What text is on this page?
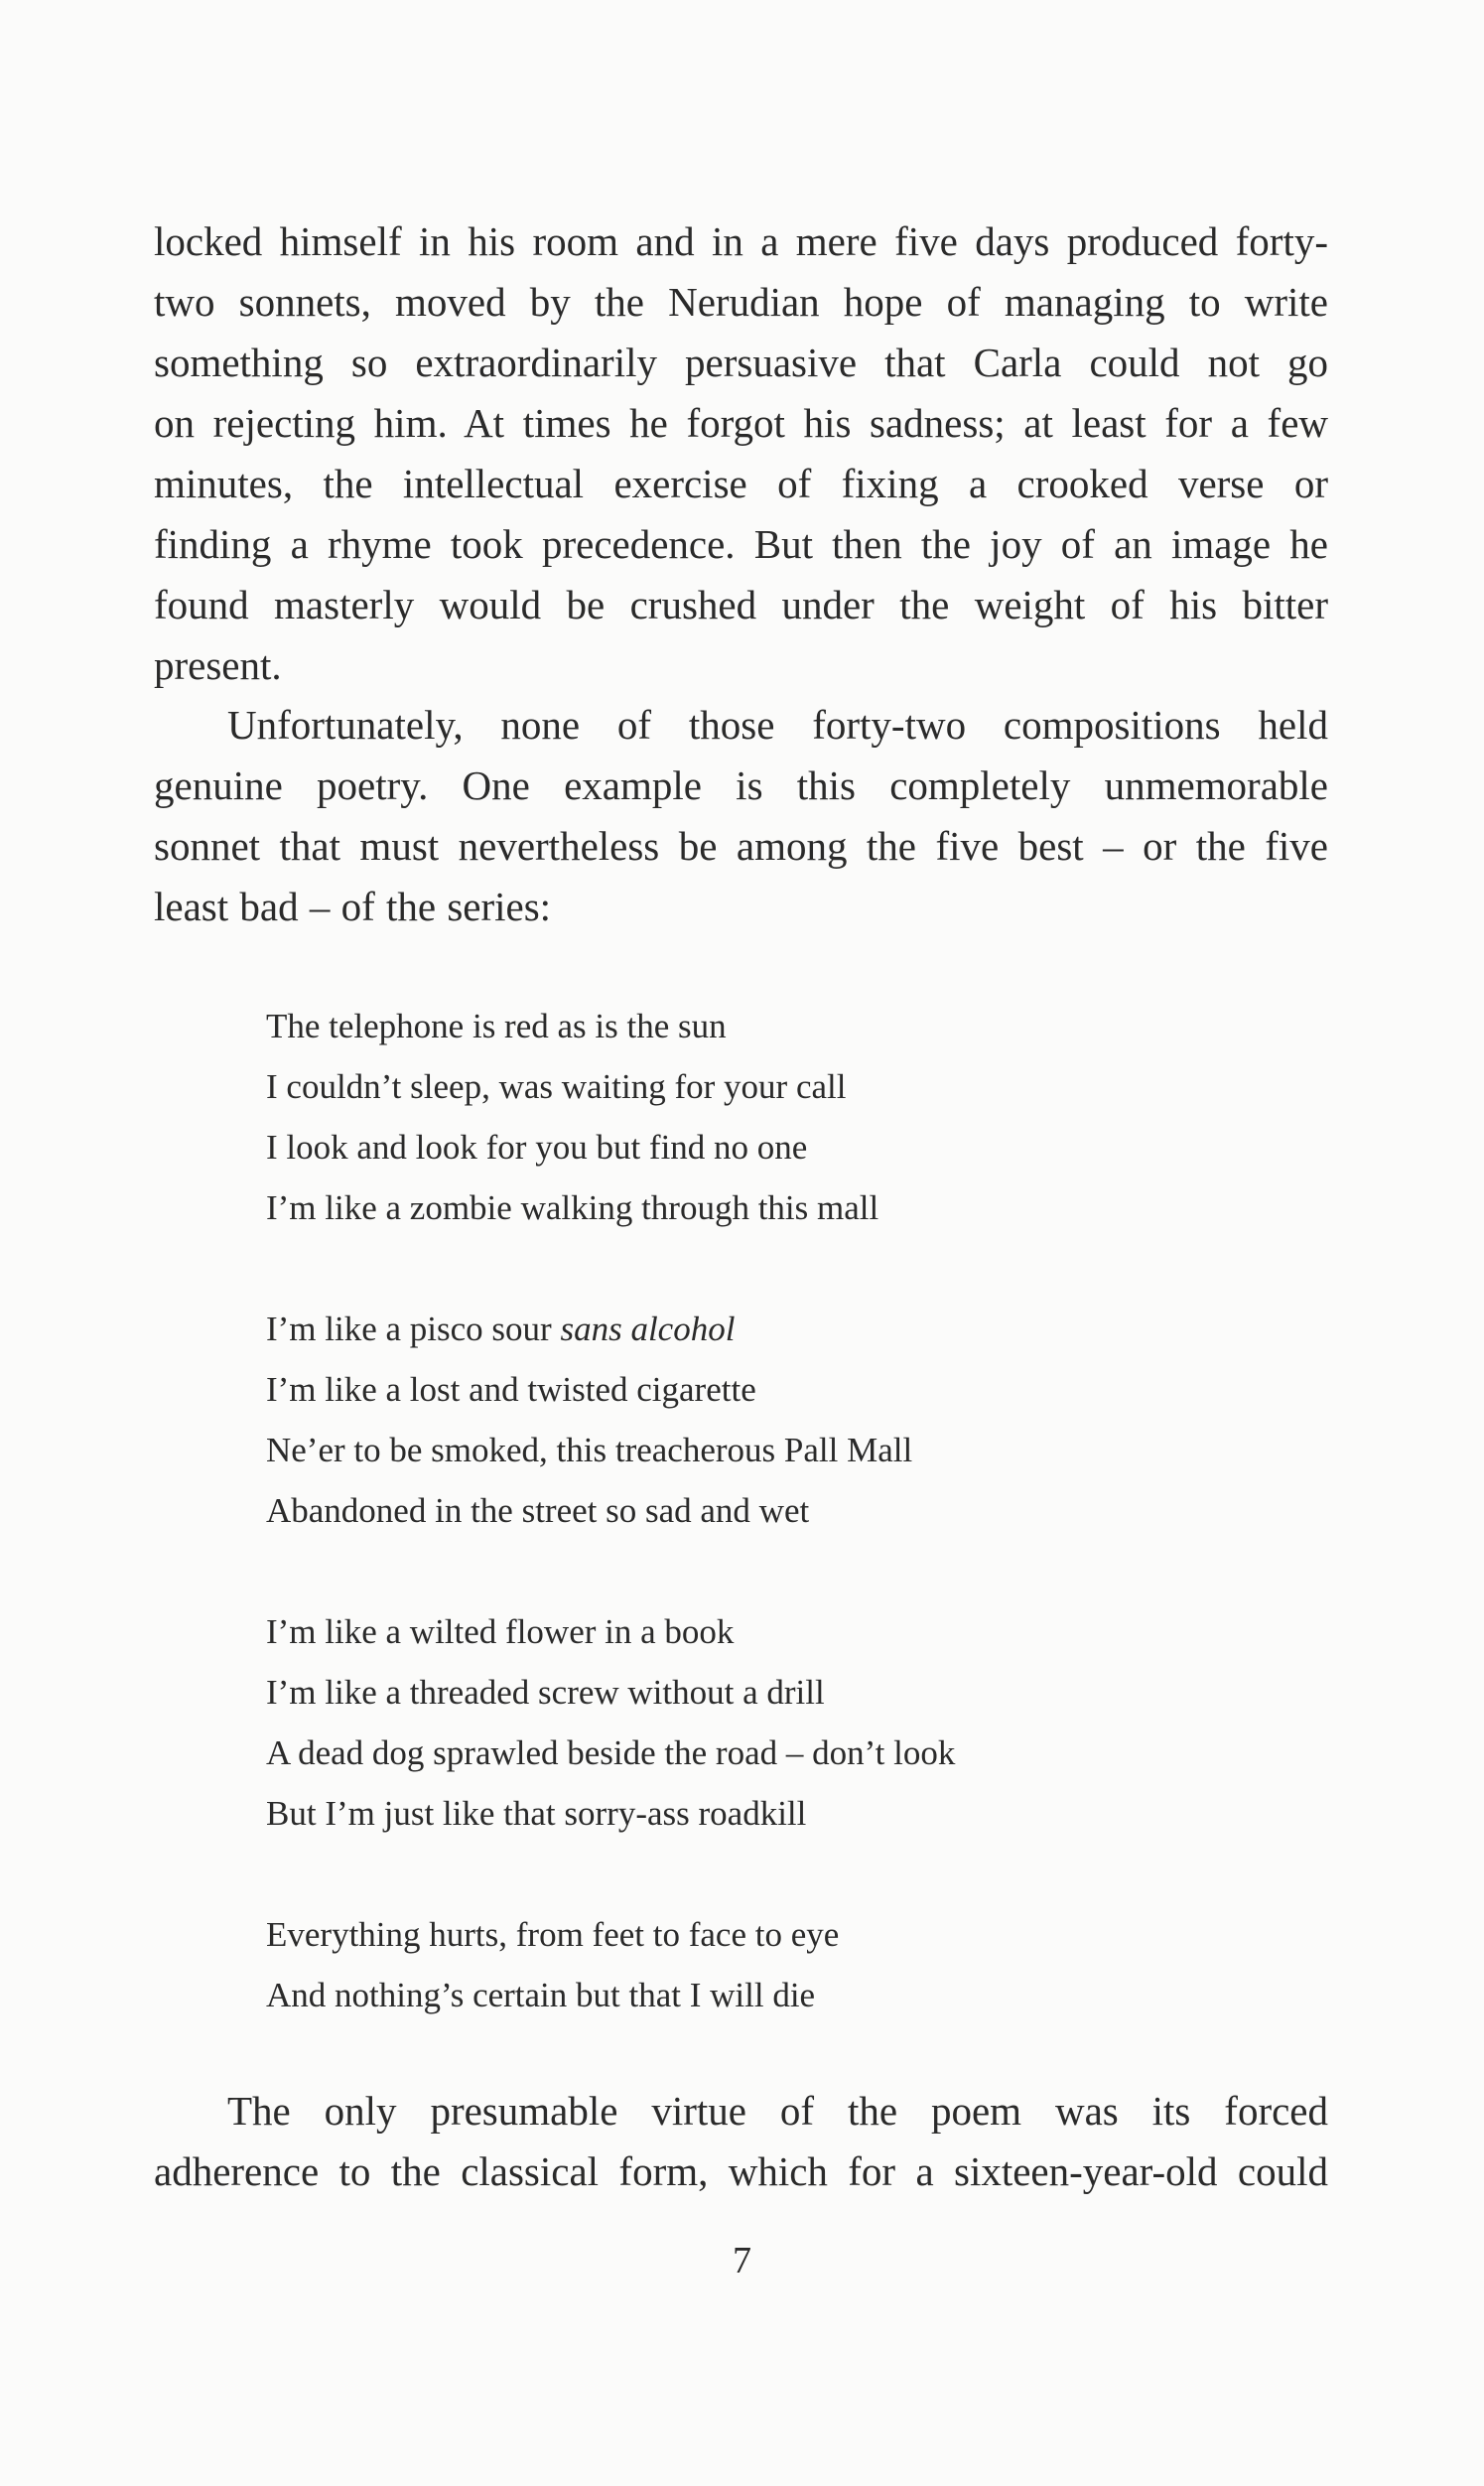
locked himself in his room and in a mere five days produced forty-
two sonnets, moved by the Nerudian hope of managing to write
something so extraordinarily persuasive that Carla could not go
on rejecting him. At times he forgot his sadness; at least for a few
minutes, the intellectual exercise of fixing a crooked verse or
finding a rhyme took precedence. But then the joy of an image he
found masterly would be crushed under the weight of his bitter
present.
Unfortunately, none of those forty-two compositions held
genuine poetry. One example is this completely unmemorable
sonnet that must nevertheless be among the five best – or the five
least bad – of the series:
The telephone is red as is the sun
I couldn’t sleep, was waiting for your call
I look and look for you but find no one
I’m like a zombie walking through this mall
I’m like a pisco sour sans alcohol
I’m like a lost and twisted cigarette
Ne’er to be smoked, this treacherous Pall Mall
Abandoned in the street so sad and wet
I’m like a wilted flower in a book
I’m like a threaded screw without a drill
A dead dog sprawled beside the road – don’t look
But I’m just like that sorry-ass roadkill
Everything hurts, from feet to face to eye
And nothing’s certain but that I will die
The only presumable virtue of the poem was its forced
adherence to the classical form, which for a sixteen-year-old could
7
